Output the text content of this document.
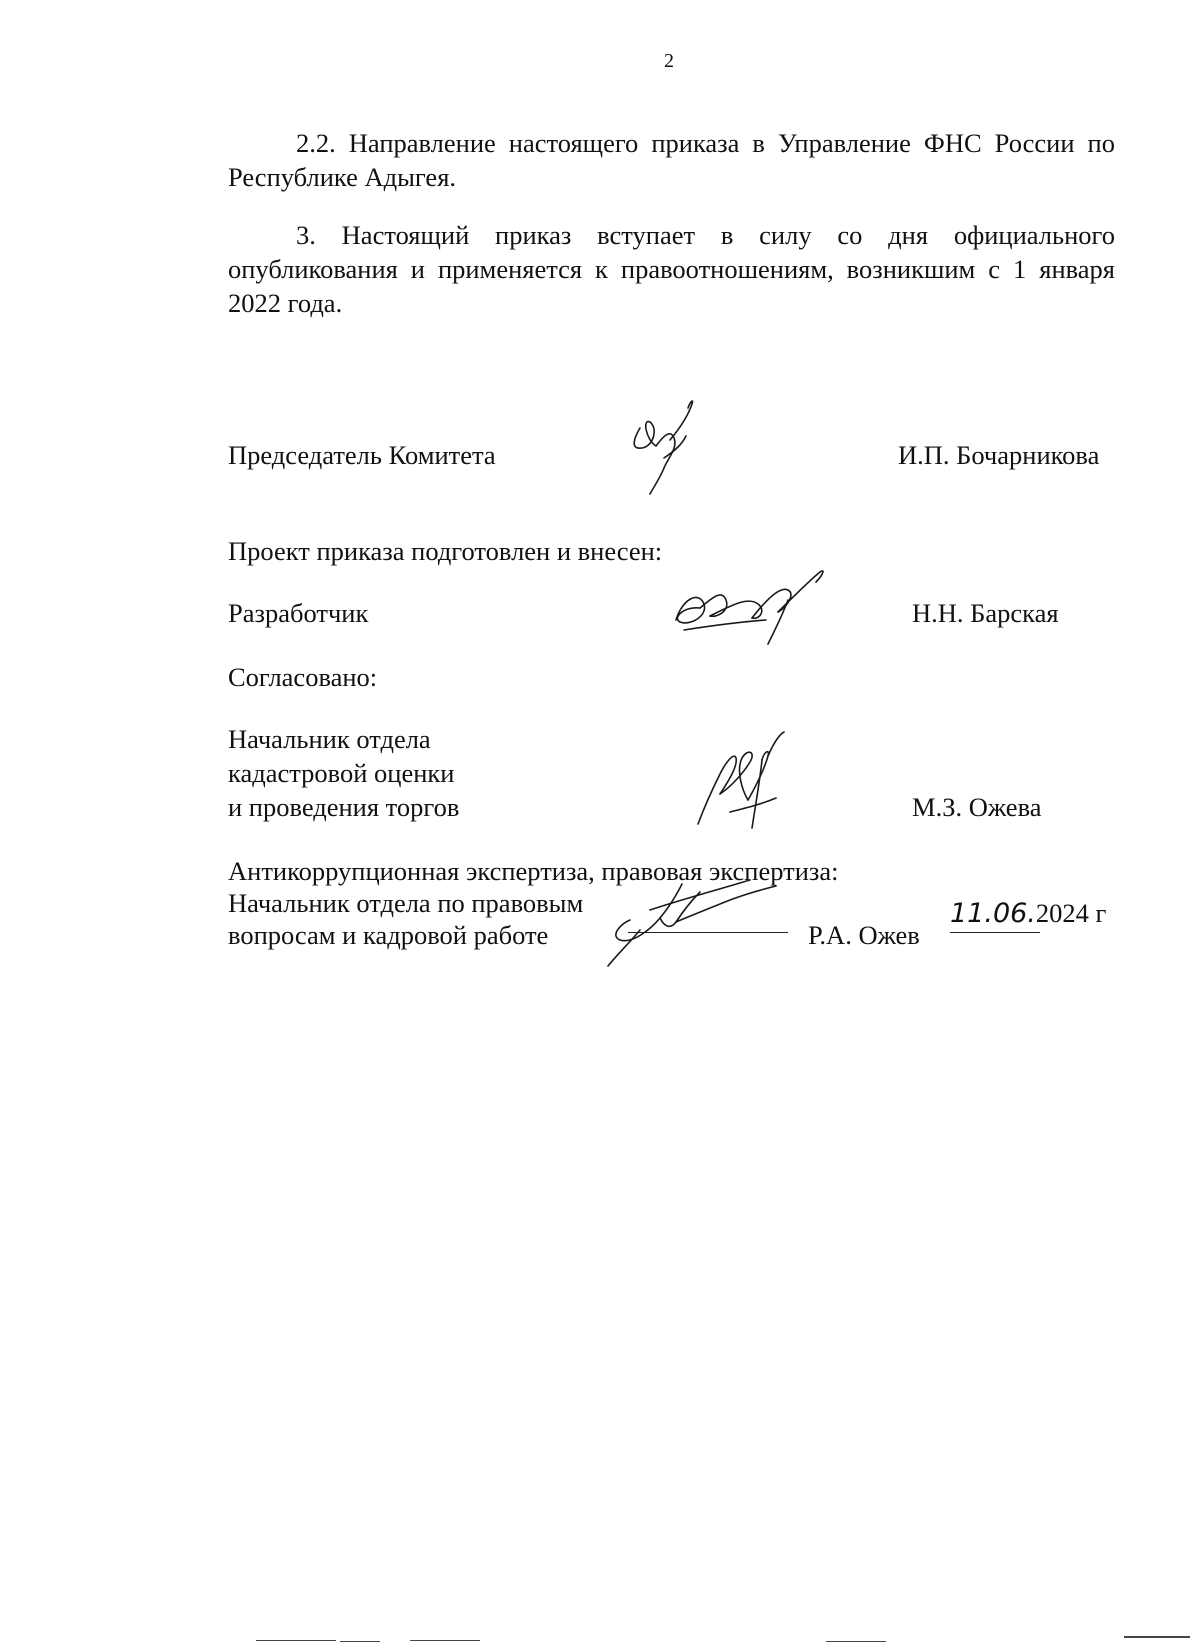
2
2.2. Направление настоящего приказа в Управление ФНС России по Республике Адыгея.
3. Настоящий приказ вступает в силу со дня официального опубликования и применяется к правоотношениям, возникшим с 1 января 2022 года.
Председатель Комитета	И.П. Бочарникова
Проект приказа подготовлен и внесен:
Разработчик	Н.Н. Барская
Согласовано:
Начальник отдела
кадастровой оценки
и проведения торгов	М.З. Ожева
Антикоррупционная экспертиза, правовая экспертиза:
Начальник отдела по правовым
вопросам и кадровой работе	Р.А. Ожев
11.06.2024 г
